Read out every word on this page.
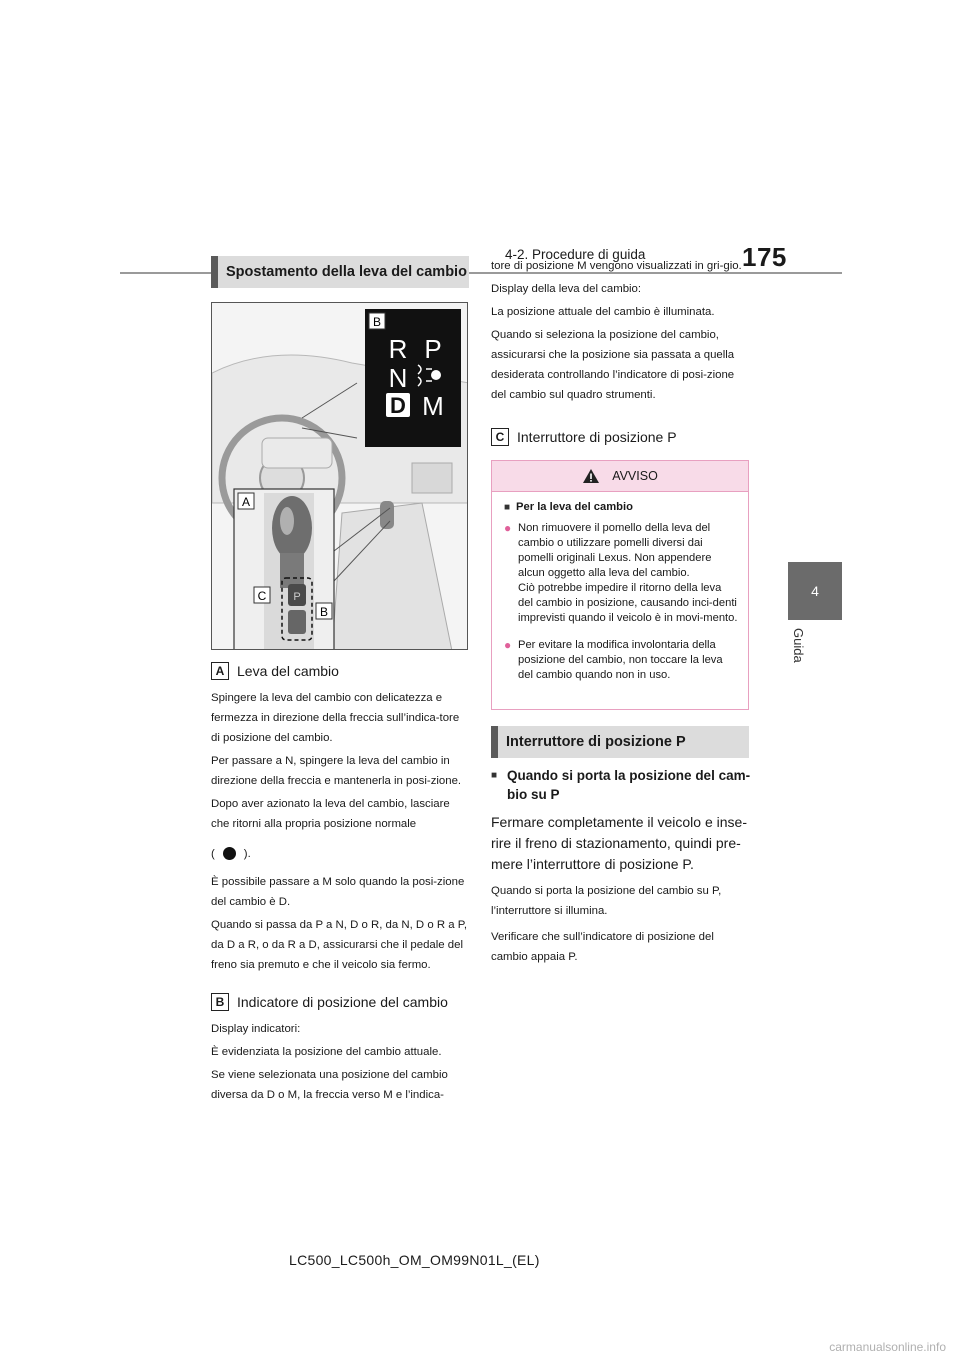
4-2. Procedure di guida	175
4
Guida
Spostamento della leva del cambio
P
A
C
B
B
R P
N
D M
A Leva del cambio

Spingere la leva del cambio con delicatezza e fermezza in direzione della freccia sull’indica-tore di posizione del cambio.

Per passare a N, spingere la leva del cambio in direzione della freccia e mantenerla in posi-zione.

Dopo aver azionato la leva del cambio, lasciare che ritorni alla propria posizione normale

(	).

È possibile passare a M solo quando la posi-zione del cambio è D.

Quando si passa da P a N, D o R, da N, D o R a P, da D a R, o da R a D, assicurarsi che il pedale del freno sia premuto e che il veicolo sia fermo.

B Indicatore di posizione del cambio

Display indicatori:

È evidenziata la posizione del cambio attuale.

Se viene selezionata una posizione del cambio diversa da D o M, la freccia verso M e l’indica-

tore di posizione M vengono visualizzati in gri-gio.

Display della leva del cambio:

La posizione attuale del cambio è illuminata.

Quando si seleziona la posizione del cambio, assicurarsi che la posizione sia passata a quella desiderata controllando l’indicatore di posi-zione del cambio sul quadro strumenti.

C Interruttore di posizione P
AVVISO
■ Per la leva del cambio
● Non rimuovere il pomello della leva del cambio o utilizzare pomelli diversi dai pomelli originali Lexus. Non appendere alcun oggetto alla leva del cambio.
Ciò potrebbe impedire il ritorno della leva del cambio in posizione, causando inci-denti imprevisti quando il veicolo è in movi-mento.
● Per evitare la modifica involontaria della posizione del cambio, non toccare la leva del cambio quando non in uso.
Interruttore di posizione P
■ Quando si porta la posizione del cam-bio su P

Fermare completamente il veicolo e inse-rire il freno di stazionamento, quindi pre-mere l’interruttore di posizione P.

Quando si porta la posizione del cambio su P, l’interruttore si illumina.

Verificare che sull’indicatore di posizione del cambio appaia P.

LC500_LC500h_OM_OM99N01L_(EL)
carmanualsonline.info
